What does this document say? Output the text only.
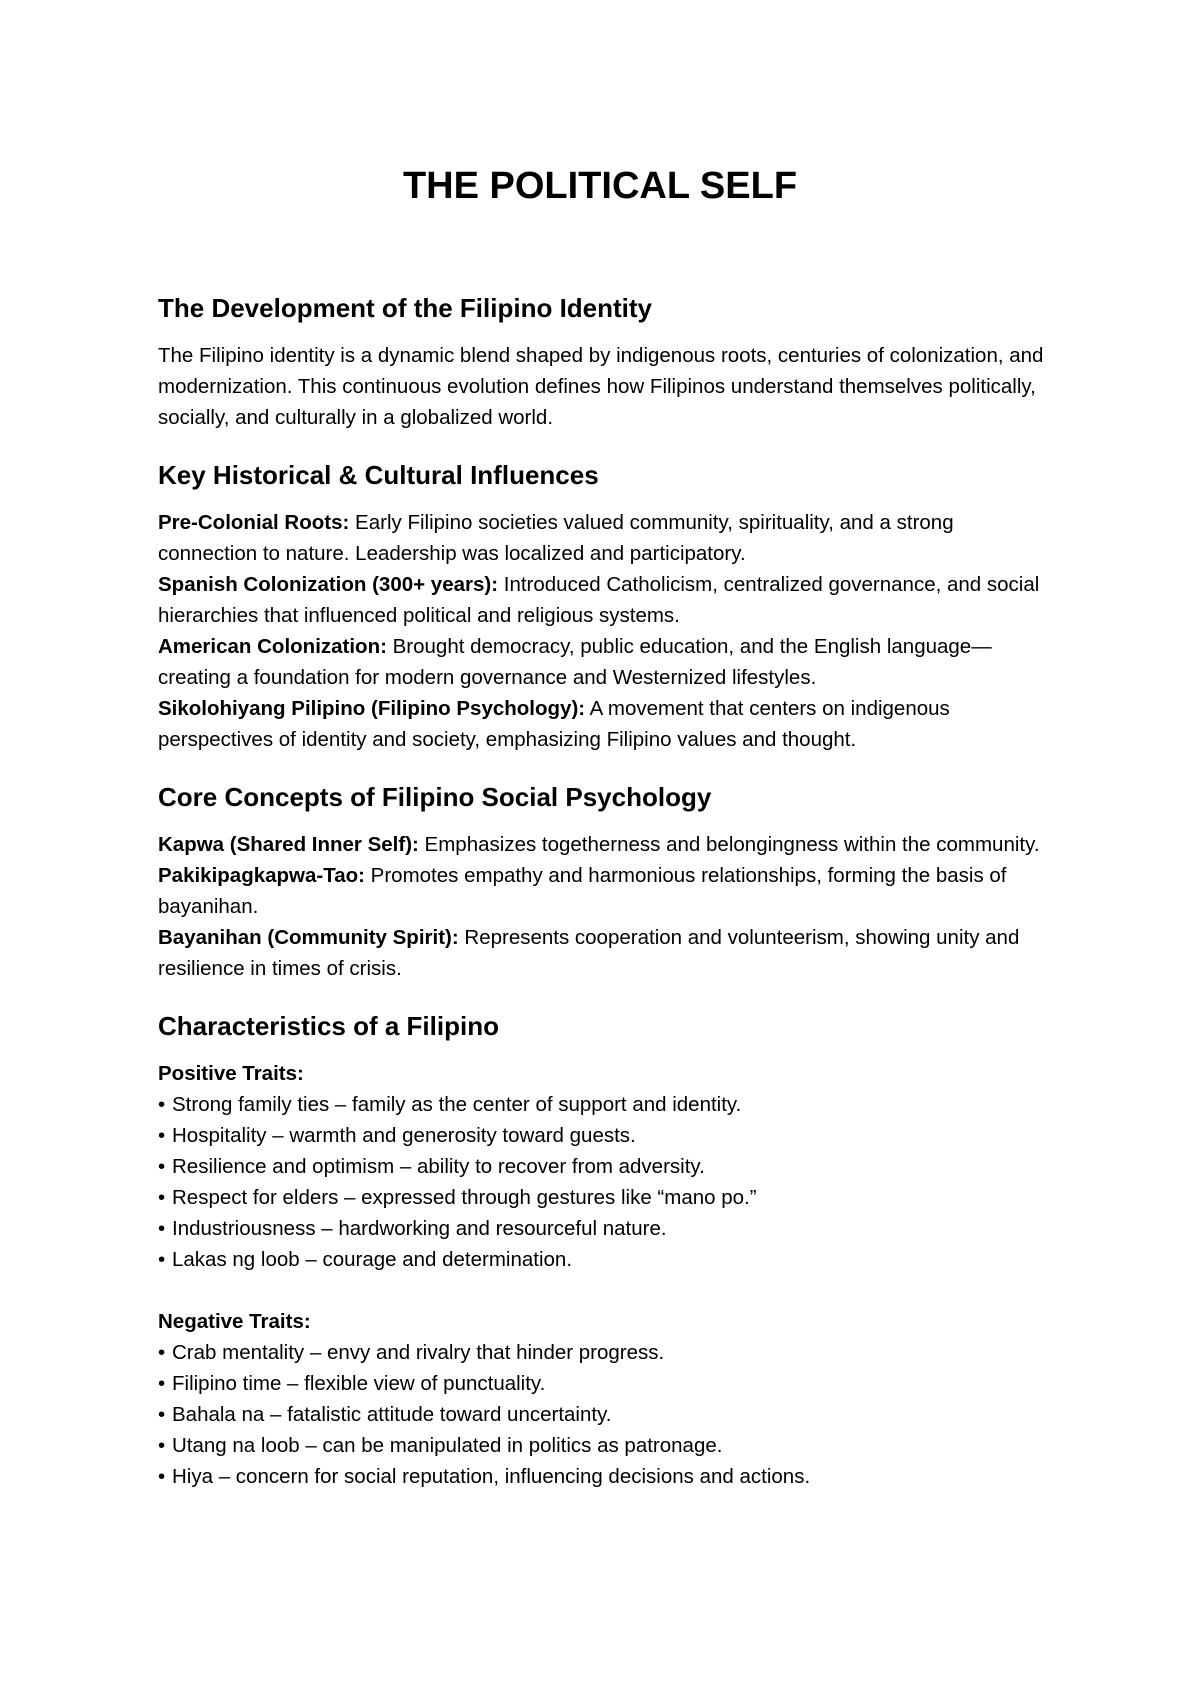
THE POLITICAL SELF
The Development of the Filipino Identity

The Filipino identity is a dynamic blend shaped by indigenous roots, centuries of colonization, and modernization. This continuous evolution defines how Filipinos understand themselves politically, socially, and culturally in a globalized world.

Key Historical & Cultural Influences

Pre-Colonial Roots: Early Filipino societies valued community, spirituality, and a strong connection to nature. Leadership was localized and participatory.

Spanish Colonization (300+ years): Introduced Catholicism, centralized governance, and social hierarchies that influenced political and religious systems.

American Colonization: Brought democracy, public education, and the English language—creating a foundation for modern governance and Westernized lifestyles.

Sikolohiyang Pilipino (Filipino Psychology): A movement that centers on indigenous perspectives of identity and society, emphasizing Filipino values and thought.

Core Concepts of Filipino Social Psychology

Kapwa (Shared Inner Self): Emphasizes togetherness and belongingness within the community.

Pakikipagkapwa-Tao: Promotes empathy and harmonious relationships, forming the basis of bayanihan.

Bayanihan (Community Spirit): Represents cooperation and volunteerism, showing unity and resilience in times of crisis.

Characteristics of a Filipino

Positive Traits:

• Strong family ties – family as the center of support and identity.

• Hospitality – warmth and generosity toward guests.

• Resilience and optimism – ability to recover from adversity.

• Respect for elders – expressed through gestures like “mano po.”

• Industriousness – hardworking and resourceful nature.

• Lakas ng loob – courage and determination.

Negative Traits:

• Crab mentality – envy and rivalry that hinder progress.

• Filipino time – flexible view of punctuality.

• Bahala na – fatalistic attitude toward uncertainty.

• Utang na loob – can be manipulated in politics as patronage.

• Hiya – concern for social reputation, influencing decisions and actions.
